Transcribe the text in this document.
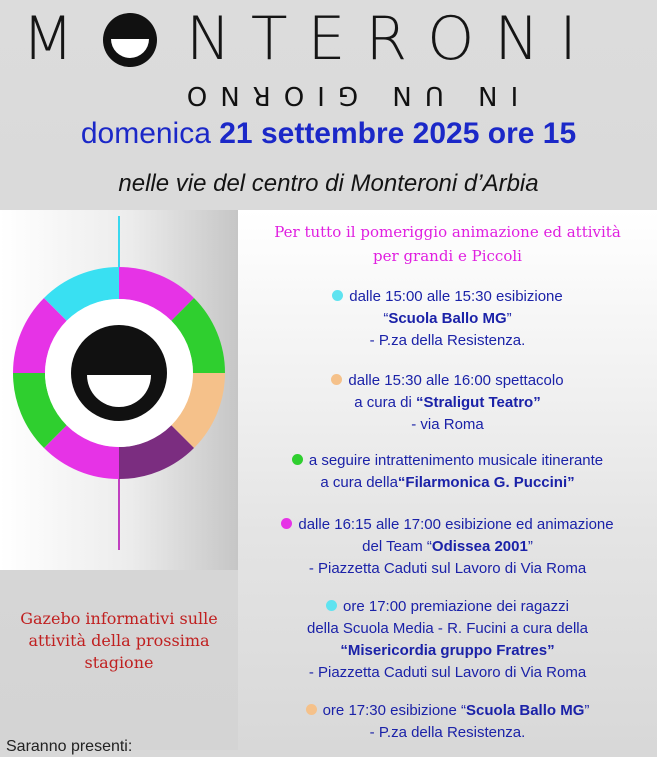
M NTERONI
IN UN GIORNO
domenica 21 settembre 2025 ore 15
nelle vie del centro di Monteroni d’Arbia
Per tutto il pomeriggio animazione ed attività
per grandi e Piccoli
dalle 15:00 alle 15:30 esibizione
“Scuola Ballo MG”
- P.za della Resistenza.
dalle 15:30 alle 16:00 spettacolo
a cura di “Straligut Teatro”
- via Roma
a seguire intrattenimento musicale itinerante
a cura della“Filarmonica G. Puccini”
dalle 16:15 alle 17:00 esibizione ed animazione
del Team “Odissea 2001”
- Piazzetta Caduti sul Lavoro di Via Roma
ore 17:00 premiazione dei ragazzi
della Scuola Media - R. Fucini a cura della
“Misericordia gruppo Fratres”
- Piazzetta Caduti sul Lavoro di Via Roma
ore 17:30 esibizione “Scuola Ballo MG”
- P.za della Resistenza.
Gazebo informativi sulle
attività della prossima
stagione
Saranno presenti:
